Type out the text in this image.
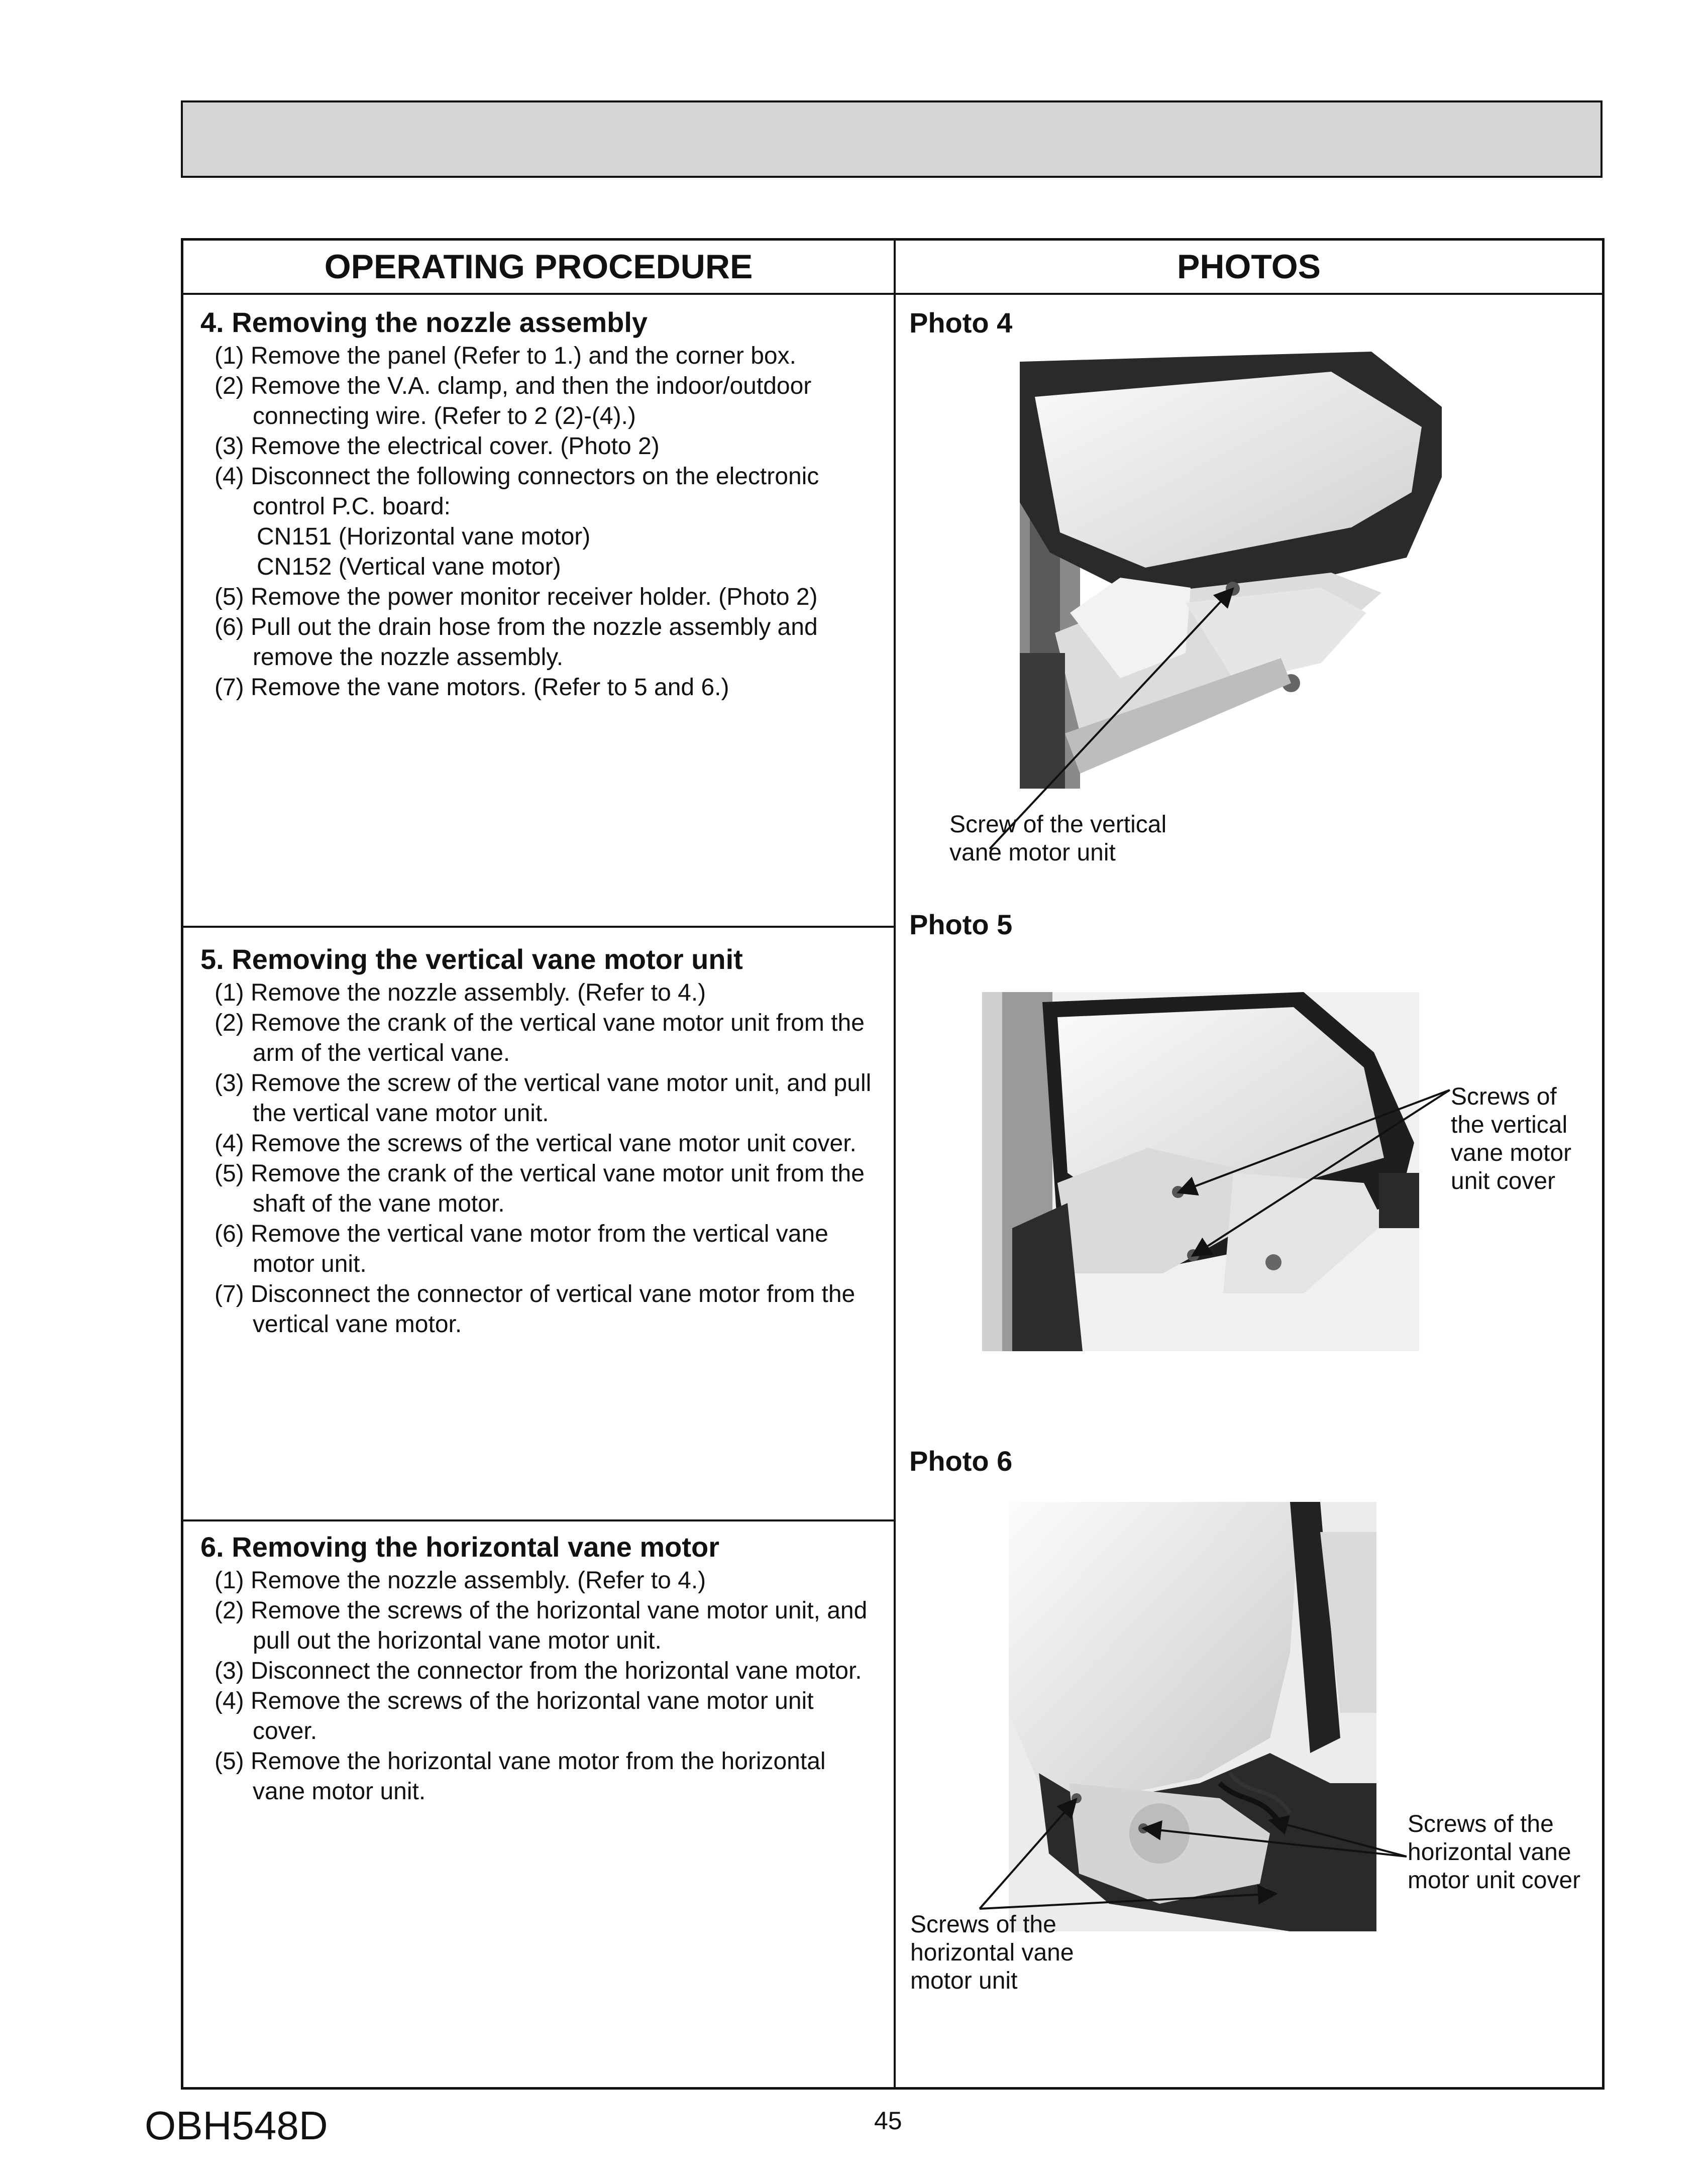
OPERATING PROCEDURE	PHOTOS
4. Removing the nozzle assembly
(1) Remove the panel (Refer to 1.) and the corner box.
(2) Remove the V.A. clamp, and then the indoor/outdoor connecting wire. (Refer to 2 (2)-(4).)
(3) Remove the electrical cover. (Photo 2)
(4) Disconnect the following connectors on the electronic control P.C. board:
CN151 (Horizontal vane motor)
CN152 (Vertical vane motor)
(5) Remove the power monitor receiver holder. (Photo 2)
(6) Pull out the drain hose from the nozzle assembly and remove the nozzle assembly.
(7) Remove the vane motors. (Refer to 5 and 6.)
5. Removing the vertical vane motor unit
(1) Remove the nozzle assembly. (Refer to 4.)
(2) Remove the crank of the vertical vane motor unit from the arm of the vertical vane.
(3) Remove the screw of the vertical vane motor unit, and pull the vertical vane motor unit.
(4) Remove the screws of the vertical vane motor unit cover.
(5) Remove the crank of the vertical vane motor unit from the shaft of the vane motor.
(6) Remove the vertical vane motor from the vertical vane motor unit.
(7) Disconnect the connector of vertical vane motor from the vertical vane motor.
6. Removing the horizontal vane motor
(1) Remove the nozzle assembly. (Refer to 4.)
(2) Remove the screws of the horizontal vane motor unit, and pull out the horizontal vane motor unit.
(3) Disconnect the connector from the horizontal vane motor.
(4) Remove the screws of the horizontal vane motor unit cover.
(5) Remove the horizontal vane motor from the horizontal vane motor unit.
Photo 4
Photo 5
Photo 6
Screw of the vertical
vane motor unit
Screws of
the vertical
vane motor
unit cover
Screws of the
horizontal vane
motor unit
Screws of the
horizontal vane
motor unit cover
OBH548D	45
